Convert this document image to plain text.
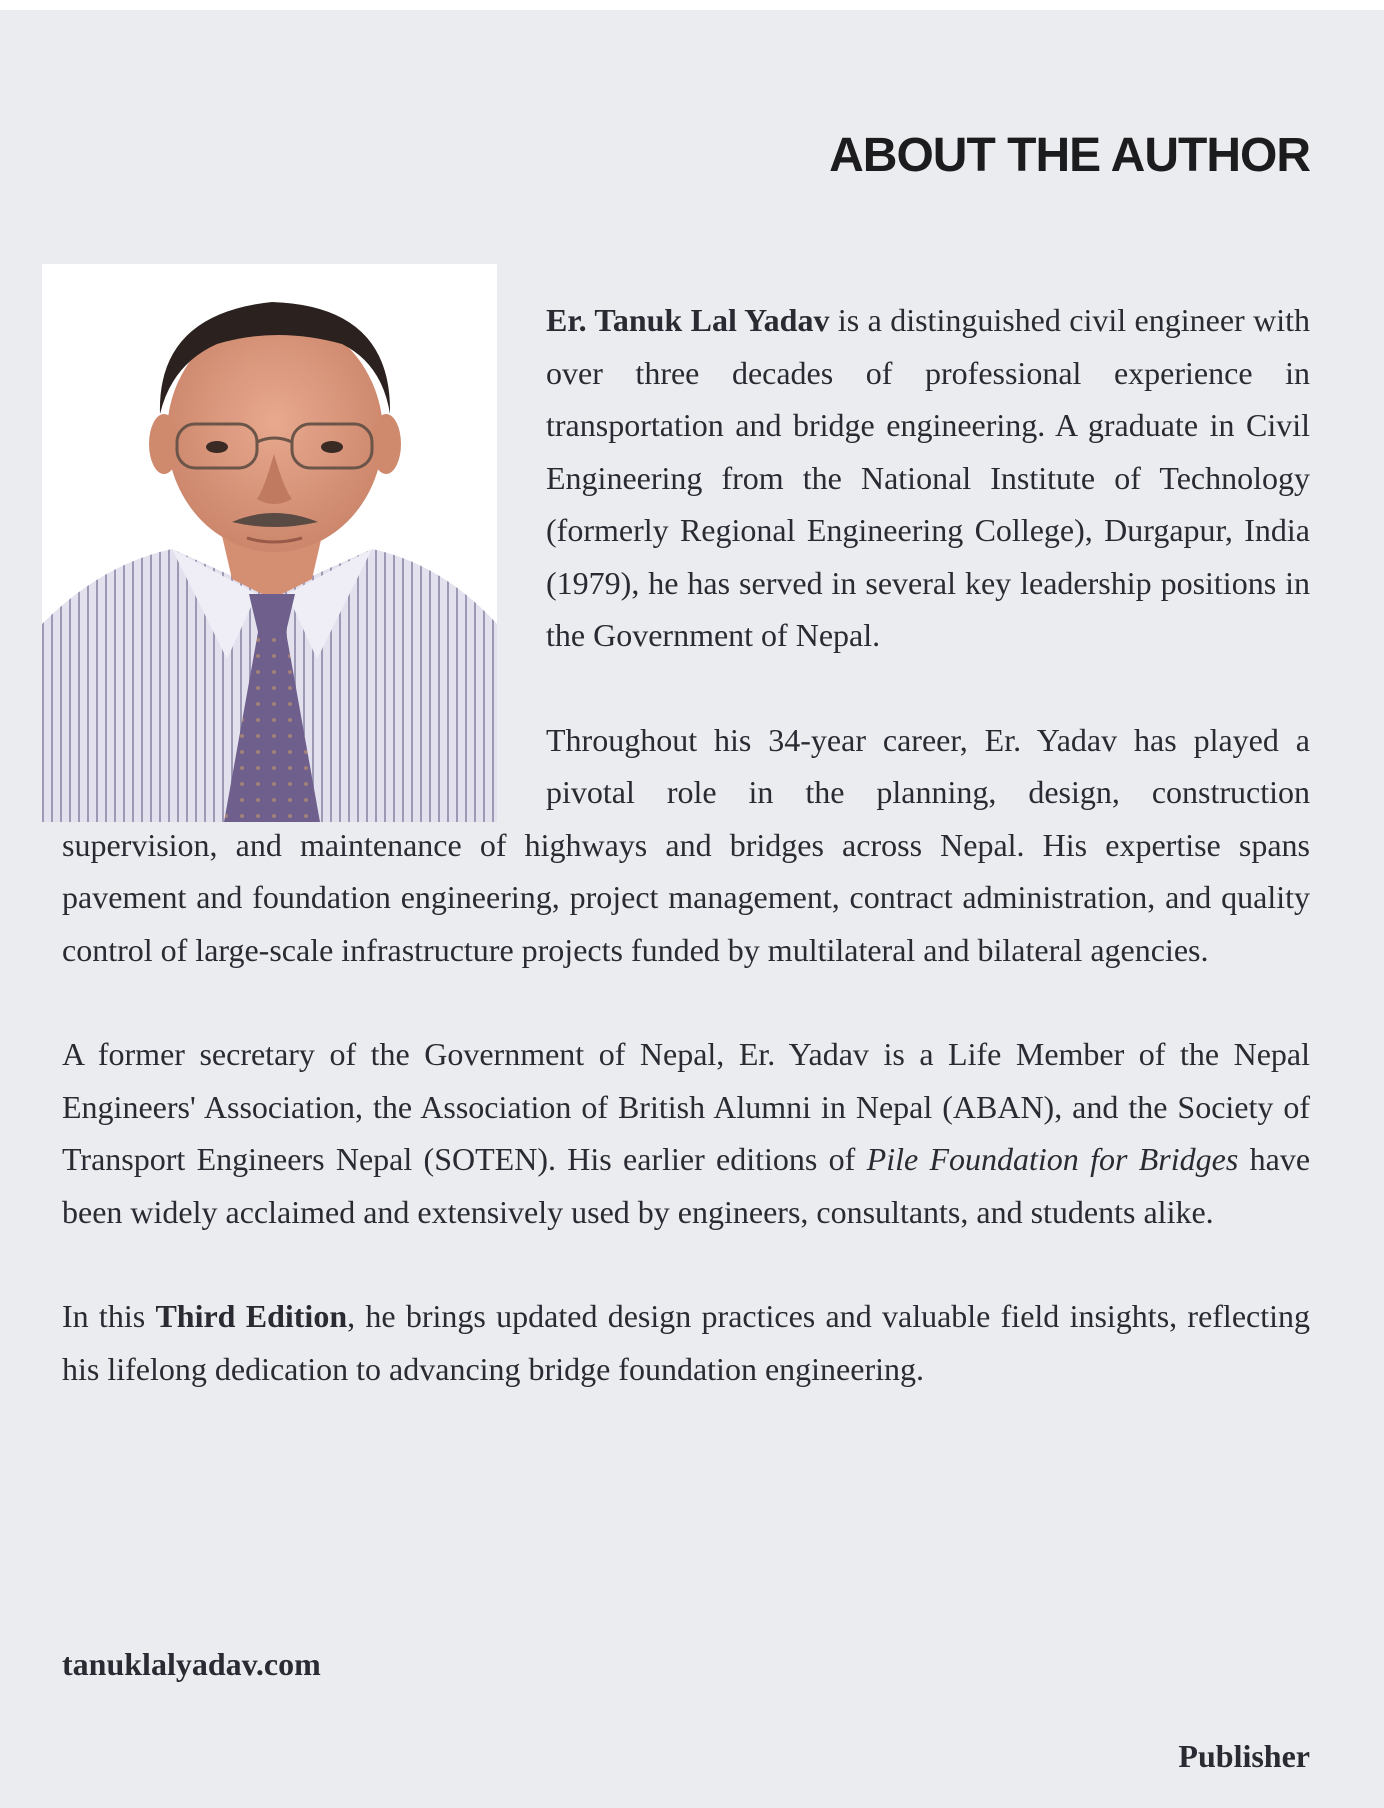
ABOUT THE AUTHOR

Er. Tanuk Lal Yadav is a distinguished civil engineer with over three decades of professional experience in transportation and bridge engineering. A graduate in Civil Engineering from the National Institute of Technology (formerly Regional Engineering College), Durgapur, India (1979), he has served in several key leadership positions in the Government of Nepal.

Throughout his 34-year career, Er. Yadav has played a pivotal role in the planning, design, construction supervision, and maintenance of highways and bridges across Nepal. His expertise spans pavement and foundation engineering, project management, contract administration, and quality control of large-scale infrastructure projects funded by multilateral and bilateral agencies.

A former secretary of the Government of Nepal, Er. Yadav is a Life Member of the Nepal Engineers' Association, the Association of British Alumni in Nepal (ABAN), and the Society of Transport Engineers Nepal (SOTEN). His earlier editions of Pile Foundation for Bridges have been widely acclaimed and extensively used by engineers, consultants, and students alike.

In this Third Edition, he brings updated design practices and valuable field insights, reflecting his lifelong dedication to advancing bridge foundation engineering.

tanuklalyadav.com
Publisher
